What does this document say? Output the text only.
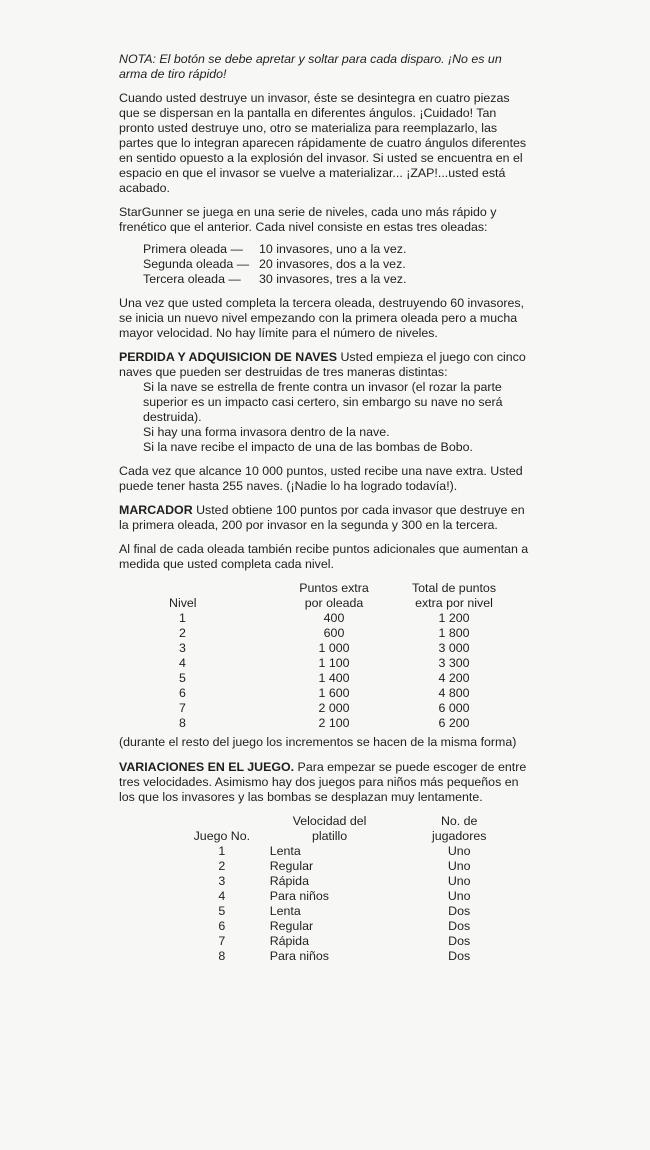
NOTA: El botón se debe apretar y soltar para cada disparo. ¡No es un arma de tiro rápido!

Cuando usted destruye un invasor, éste se desintegra en cuatro piezas que se dispersan en la pantalla en diferentes ángulos. ¡Cuidado! Tan pronto usted destruye uno, otro se materializa para reemplazarlo, las partes que lo integran aparecen rápidamente de cuatro ángulos diferentes en sentido opuesto a la explosión del invasor. Si usted se encuentra en el espacio en que el invasor se vuelve a materializar... ¡ZAP!...usted está acabado.

StarGunner se juega en una serie de niveles, cada uno más rápido y frenético que el anterior. Cada nivel consiste en estas tres oleadas:

Primera oleada —	10 invasores, uno a la vez.
Segunda oleada — 20 invasores, dos a la vez.
Tercera oleada —	30 invasores, tres a la vez.

Una vez que usted completa la tercera oleada, destruyendo 60 invasores, se inicia un nuevo nivel empezando con la primera oleada pero a mucha mayor velocidad. No hay límite para el número de niveles.

PERDIDA Y ADQUISICION DE NAVES Usted empieza el juego con cinco naves que pueden ser destruidas de tres maneras distintas:

Si la nave se estrella de frente contra un invasor (el rozar la parte superior es un impacto casi certero, sin embargo su nave no será destruida).
Si hay una forma invasora dentro de la nave.
Si la nave recibe el impacto de una de las bombas de Bobo.

Cada vez que alcance 10 000 puntos, usted recibe una nave extra. Usted puede tener hasta 255 naves. (¡Nadie lo ha logrado todavía!).

MARCADOR Usted obtiene 100 puntos por cada invasor que destruye en la primera oleada, 200 por invasor en la segunda y 300 en la tercera.

Al final de cada oleada también recibe puntos adicionales que aumentan a medida que usted completa cada nivel.

	Puntos extra	Total de puntos
Nivel	por oleada	extra por nivel
1	400	1 200
2	600	1 800
3	1 000	3 000
4	1 100	3 300
5	1 400	4 200
6	1 600	4 800
7	2 000	6 000
8	2 100	6 200

(durante el resto del juego los incrementos se hacen de la misma forma)

VARIACIONES EN EL JUEGO. Para empezar se puede escoger de entre tres velocidades. Asimismo hay dos juegos para niños más pequeños en los que los invasores y las bombas se desplazan muy lentamente.

	Velocidad del	No. de
Juego No.	platillo	jugadores
1	Lenta	Uno
2	Regular	Uno
3	Rápida	Uno
4	Para niños	Uno
5	Lenta	Dos
6	Regular	Dos
7	Rápida	Dos
8	Para niños	Dos
